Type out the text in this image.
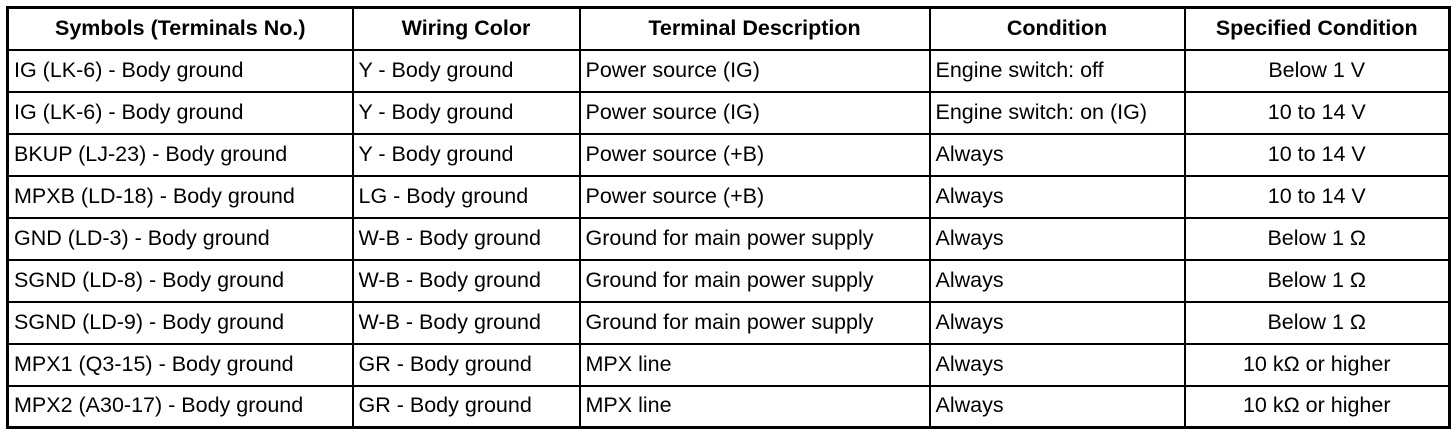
Symbols (Terminals No.)	Wiring Color	Terminal Description	Condition	Specified Condition
IG (LK-6) - Body ground	Y - Body ground	Power source (IG)	Engine switch: off	Below 1 V
IG (LK-6) - Body ground	Y - Body ground	Power source (IG)	Engine switch: on (IG)	10 to 14 V
BKUP (LJ-23) - Body ground	Y - Body ground	Power source (+B)	Always	10 to 14 V
MPXB (LD-18) - Body ground	LG - Body ground	Power source (+B)	Always	10 to 14 V
GND (LD-3) - Body ground	W-B - Body ground	Ground for main power supply	Always	Below 1 Ω
SGND (LD-8) - Body ground	W-B - Body ground	Ground for main power supply	Always	Below 1 Ω
SGND (LD-9) - Body ground	W-B - Body ground	Ground for main power supply	Always	Below 1 Ω
MPX1 (Q3-15) - Body ground	GR - Body ground	MPX line	Always	10 kΩ or higher
MPX2 (A30-17) - Body ground	GR - Body ground	MPX line	Always	10 kΩ or higher
